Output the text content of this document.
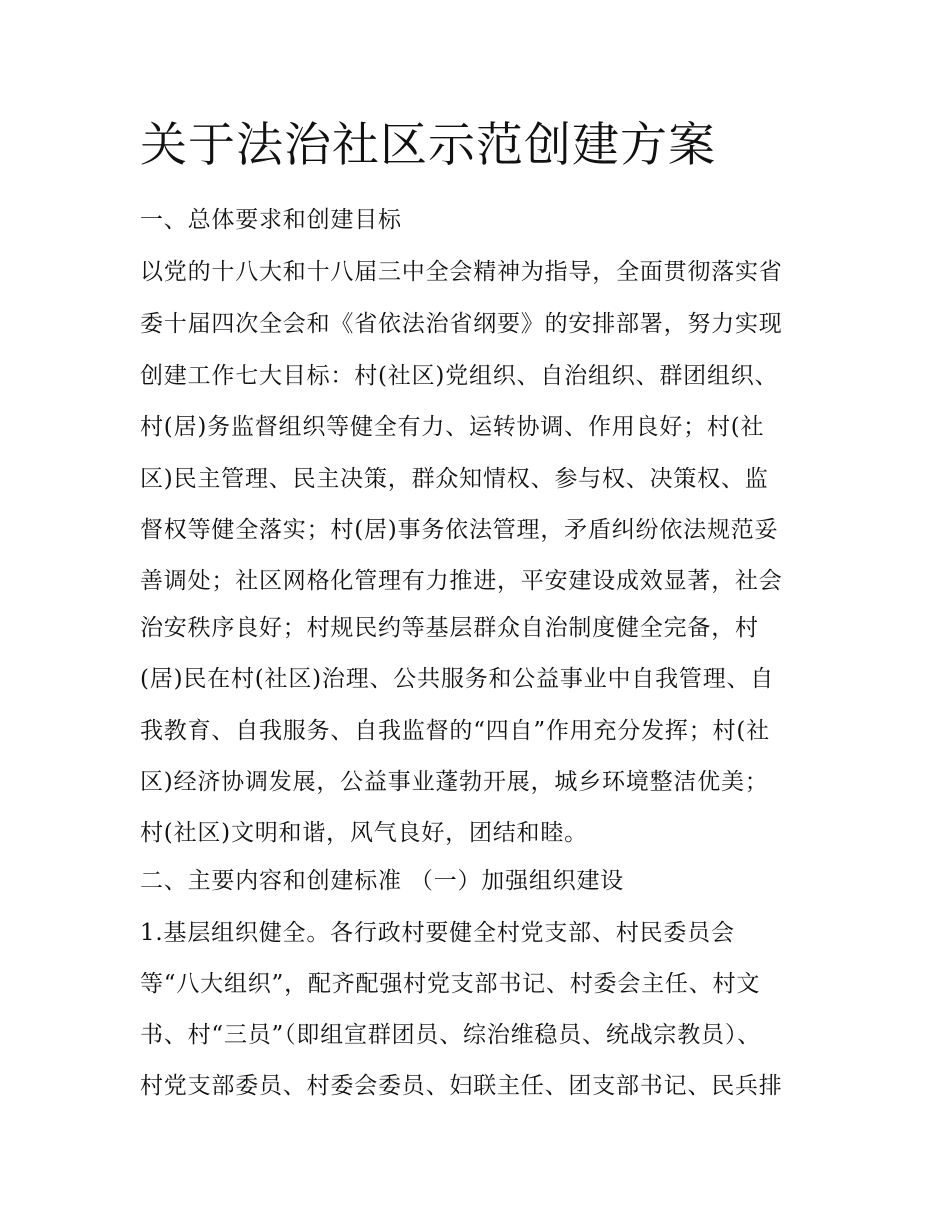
关于法治社区示范创建方案

一、总体要求和创建目标

以党的十八大和十八届三中全会精神为指导，全面贯彻落实省

委十届四次全会和《省依法治省纲要》的安排部署，努力实现

创建工作七大目标：村(社区)党组织、自治组织、群团组织、

村(居)务监督组织等健全有力、运转协调、作用良好；村(社

区)民主管理、民主决策，群众知情权、参与权、决策权、监

督权等健全落实；村(居)事务依法管理，矛盾纠纷依法规范妥

善调处；社区网格化管理有力推进，平安建设成效显著，社会

治安秩序良好；村规民约等基层群众自治制度健全完备，村

(居)民在村(社区)治理、公共服务和公益事业中自我管理、自

我教育、自我服务、自我监督的“四自”作用充分发挥；村(社

区)经济协调发展，公益事业蓬勃开展，城乡环境整洁优美；

村(社区)文明和谐，风气良好，团结和睦。

二、主要内容和创建标准 （一）加强组织建设

1.基层组织健全。各行政村要健全村党支部、村民委员会

等“八大组织”，配齐配强村党支部书记、村委会主任、村文

书、村“三员”（即组宣群团员、综治维稳员、统战宗教员）、

村党支部委员、村委会委员、妇联主任、团支部书记、民兵排
